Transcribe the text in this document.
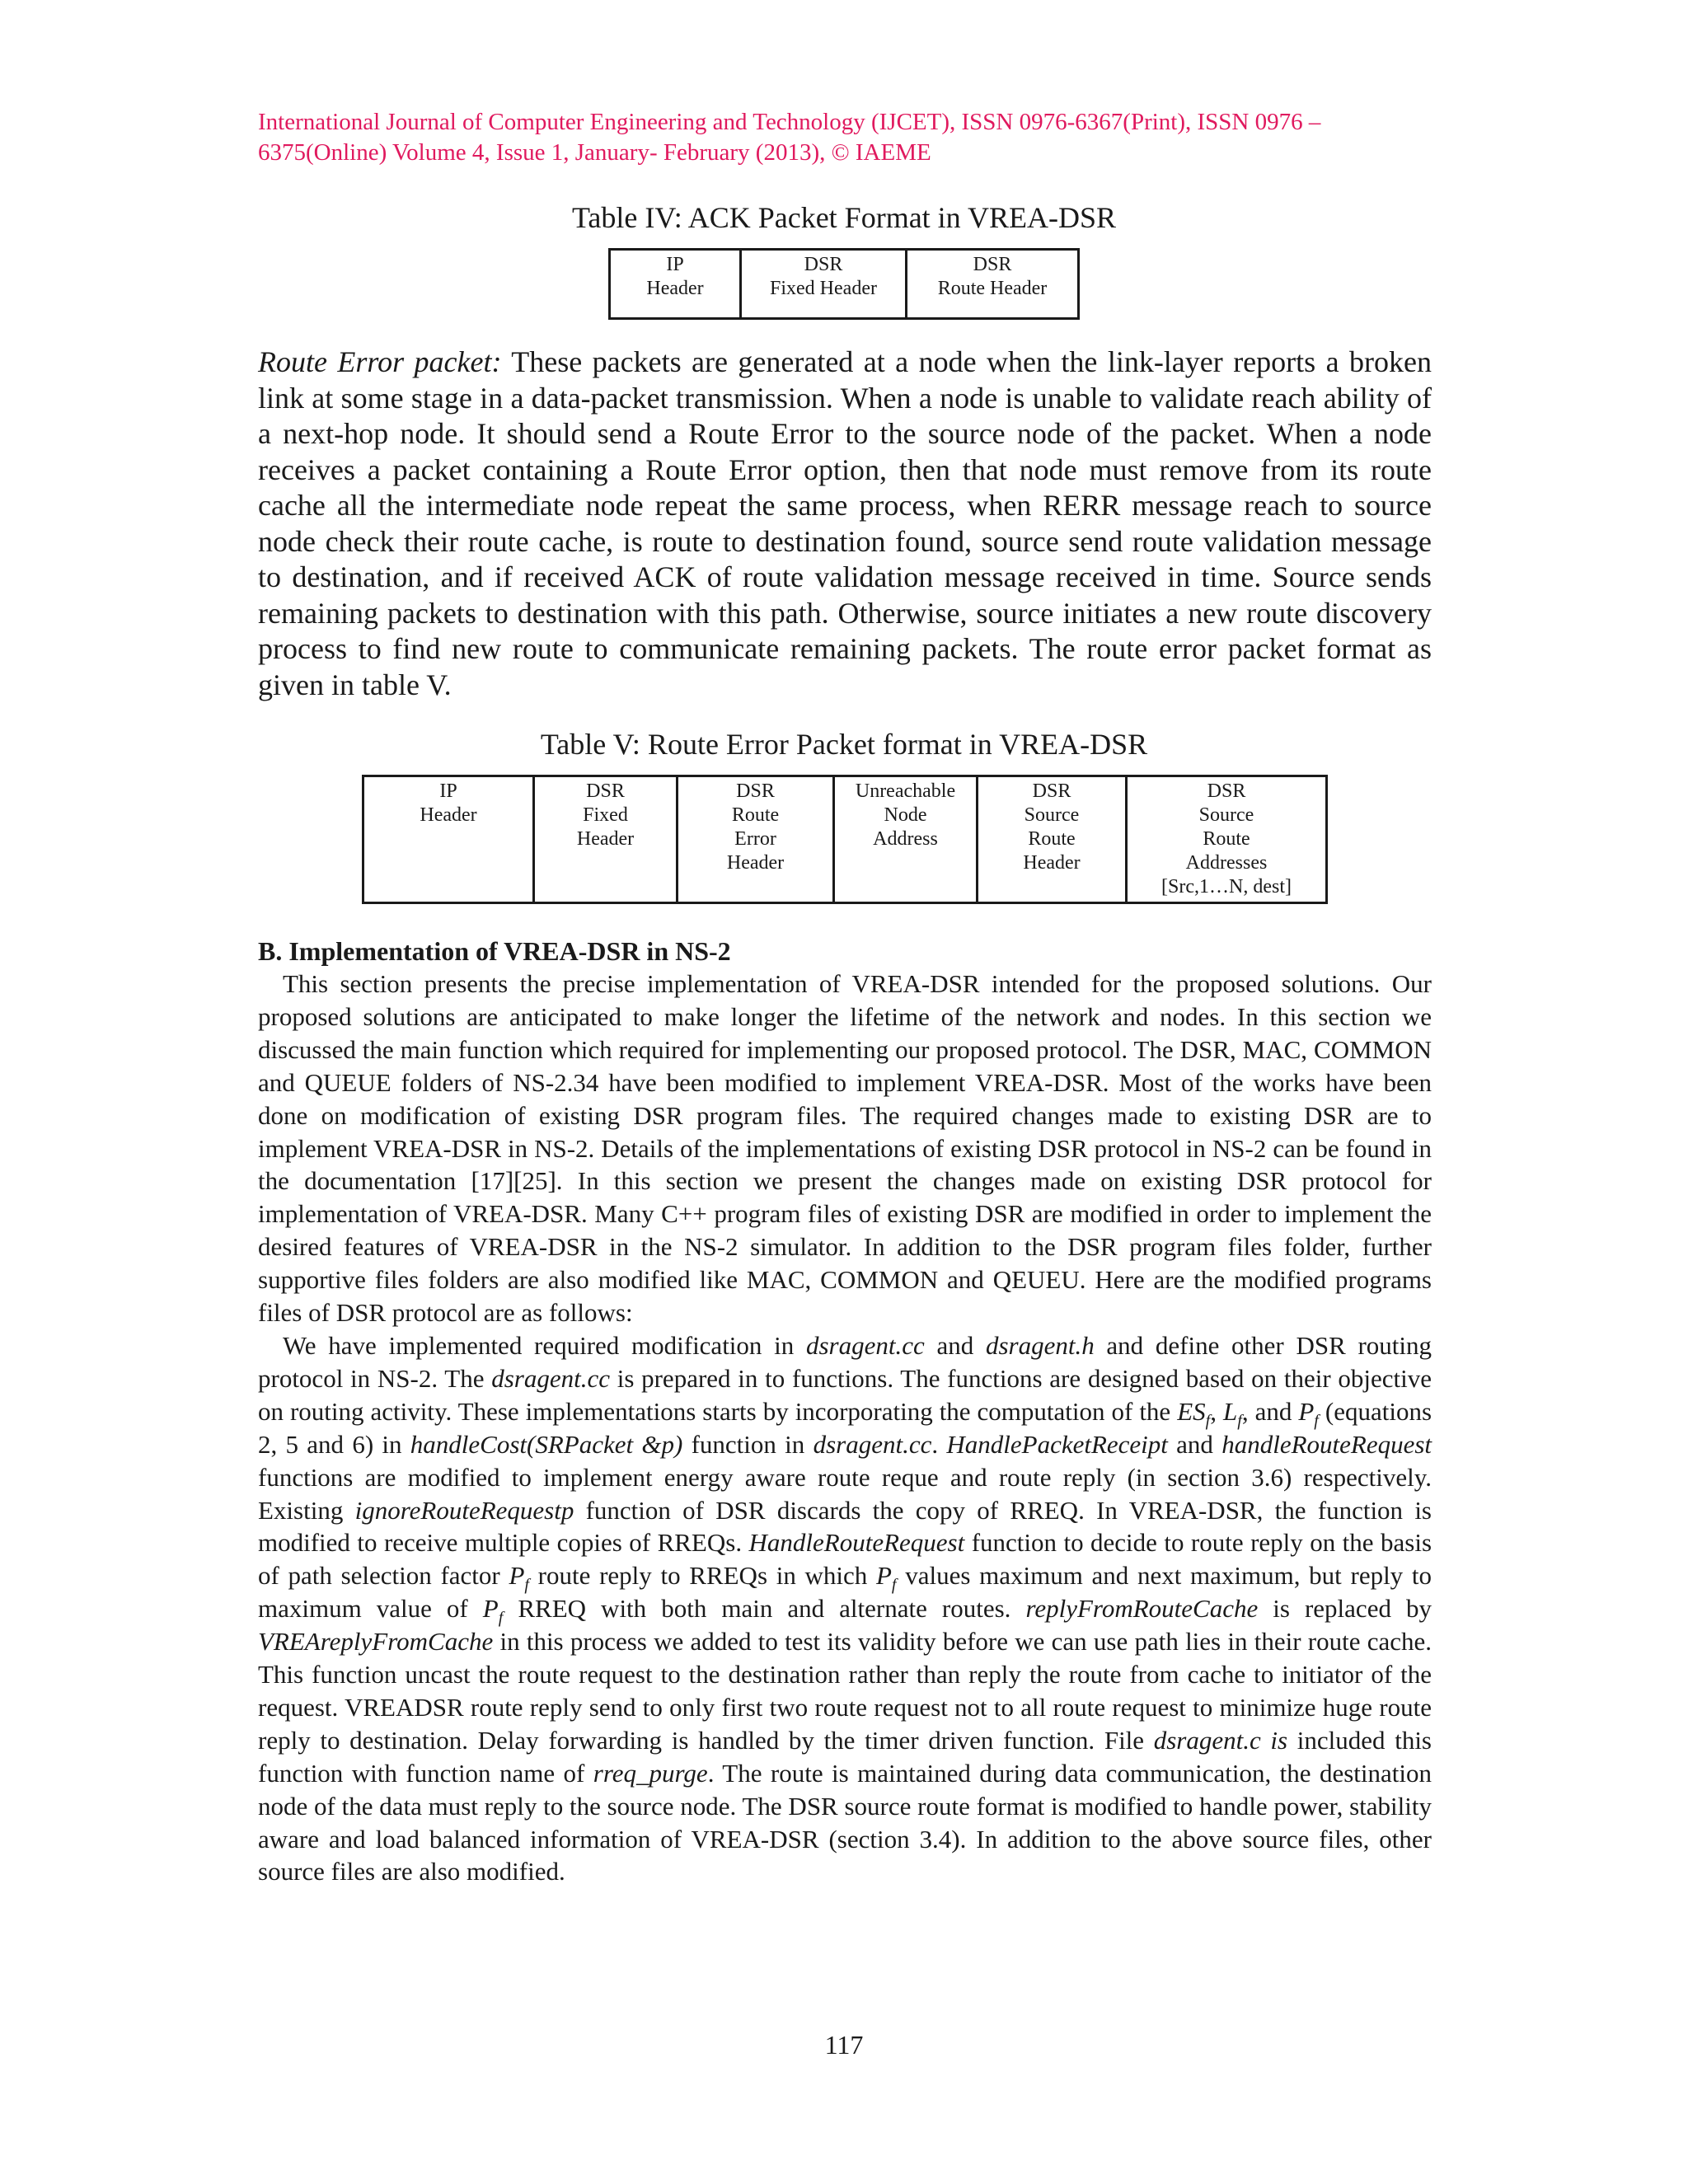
International Journal of Computer Engineering and Technology (IJCET), ISSN 0976-6367(Print), ISSN 0976 –
6375(Online) Volume 4, Issue 1, January- February (2013), © IAEME
Table IV: ACK Packet Format in VREA-DSR
IP
Header

DSR
Fixed Header

DSR
Route Header
Route Error packet: These packets are generated at a node when the link-layer reports a broken link at some stage in a data-packet transmission. When a node is unable to validate reach ability of a next-hop node. It should send a Route Error to the source node of the packet. When a node receives a packet containing a Route Error option, then that node must remove from its route cache all the intermediate node repeat the same process, when RERR message reach to source node check their route cache, is route to destination found, source send route validation message to destination, and if received ACK of route validation message received in time. Source sends remaining packets to destination with this path. Otherwise, source initiates a new route discovery process to find new route to communicate remaining packets. The route error packet format as given in table V.
Table V: Route Error Packet format in VREA-DSR
IP
Header

DSR
Fixed
Header

DSR
Route
Error
Header

Unreachable
Node
Address

DSR
Source
Route
Header

DSR
Source
Route
Addresses
[Src,1…N, dest]
B. Implementation of VREA-DSR in NS-2

This section presents the precise implementation of VREA-DSR intended for the proposed solutions. Our proposed solutions are anticipated to make longer the lifetime of the network and nodes. In this section we discussed the main function which required for implementing our proposed protocol. The DSR, MAC, COMMON and QUEUE folders of NS-2.34 have been modified to implement VREA-DSR. Most of the works have been done on modification of existing DSR program files. The required changes made to existing DSR are to implement VREA-DSR in NS-2. Details of the implementations of existing DSR protocol in NS-2 can be found in the documentation [17][25]. In this section we present the changes made on existing DSR protocol for implementation of VREA-DSR. Many C++ program files of existing DSR are modified in order to implement the desired features of VREA-DSR in the NS-2 simulator. In addition to the DSR program files folder, further supportive files folders are also modified like MAC, COMMON and QEUEU. Here are the modified programs files of DSR protocol are as follows:

We have implemented required modification in dsragent.cc and dsragent.h and define other DSR routing protocol in NS-2. The dsragent.cc is prepared in to functions. The functions are designed based on their objective on routing activity. These implementations starts by incorporating the computation of the $ES_f$, $L_f$, and $P_f$ (equations 2, 5 and 6) in handleCost(SRPacket &p) function in dsragent.cc. HandlePacketReceipt and handleRouteRequest functions are modified to implement energy aware route reque and route reply (in section 3.6) respectively. Existing ignoreRouteRequestp function of DSR discards the copy of RREQ. In VREA-DSR, the function is modified to receive multiple copies of RREQs. HandleRouteRequest function to decide to route reply on the basis of path selection factor $P_f$ route reply to RREQs in which $P_f$ values maximum and next maximum, but reply to maximum value of $P_f$ RREQ with both main and alternate routes. replyFromRouteCache is replaced by VREAreplyFromCache in this process we added to test its validity before we can use path lies in their route cache. This function uncast the route request to the destination rather than reply the route from cache to initiator of the request. VREADSR route reply send to only first two route request not to all route request to minimize huge route reply to destination. Delay forwarding is handled by the timer driven function. File dsragent.c is included this function with function name of rreq_purge. The route is maintained during data communication, the destination node of the data must reply to the source node. The DSR source route format is modified to handle power, stability aware and load balanced information of VREA-DSR (section 3.4). In addition to the above source files, other source files are also modified.

117
